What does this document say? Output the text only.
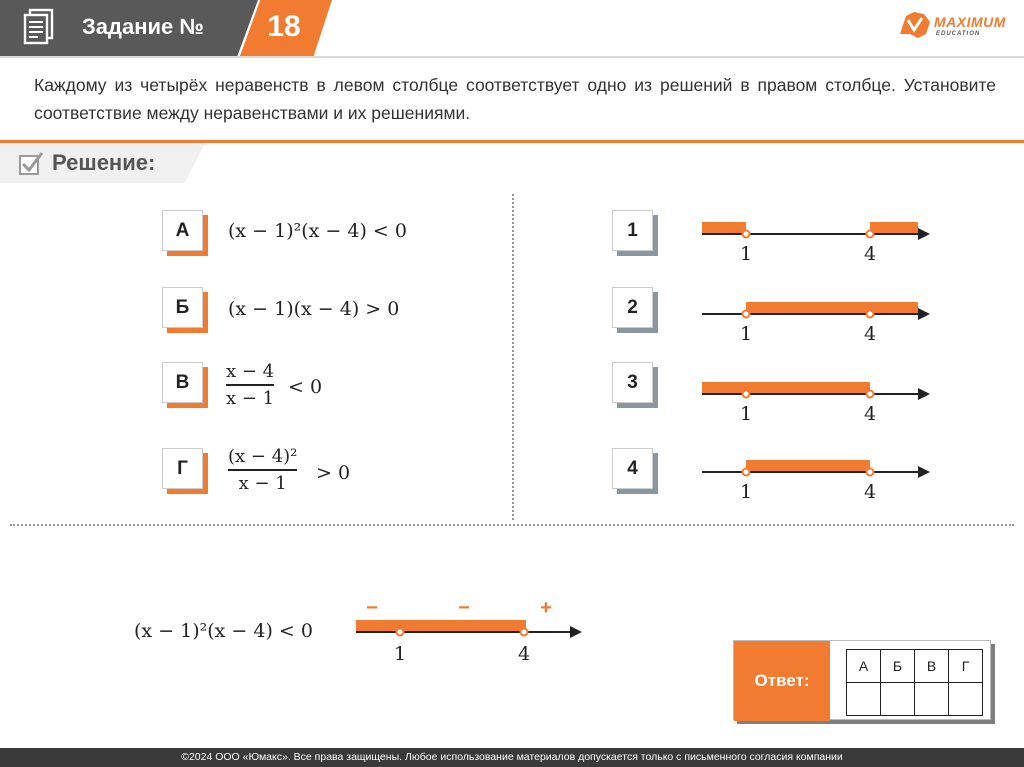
Задание № 18	MAXIMUM
EDUCATION
Каждому из четырёх неравенств в левом столбце соответствует одно из решений в правом столбце. Установите соответствие между неравенствами и их решениями.
Решение:
А
Б
В
Г
(x − 1)²(x − 4) < 0
(x − 1)(x − 4) > 0
x − 4
x − 1 < 0
(x − 4)²
x − 1	> 0
1
2
3
4
1	4
1	4
1	4
1	4
(x − 1)²(x − 4) < 0
−	−	+
1	4
Ответ:
А	Б	В	Г

©2024 ООО «Юмакс». Все права защищены. Любое использование материалов допускается только с письменного согласия компании
